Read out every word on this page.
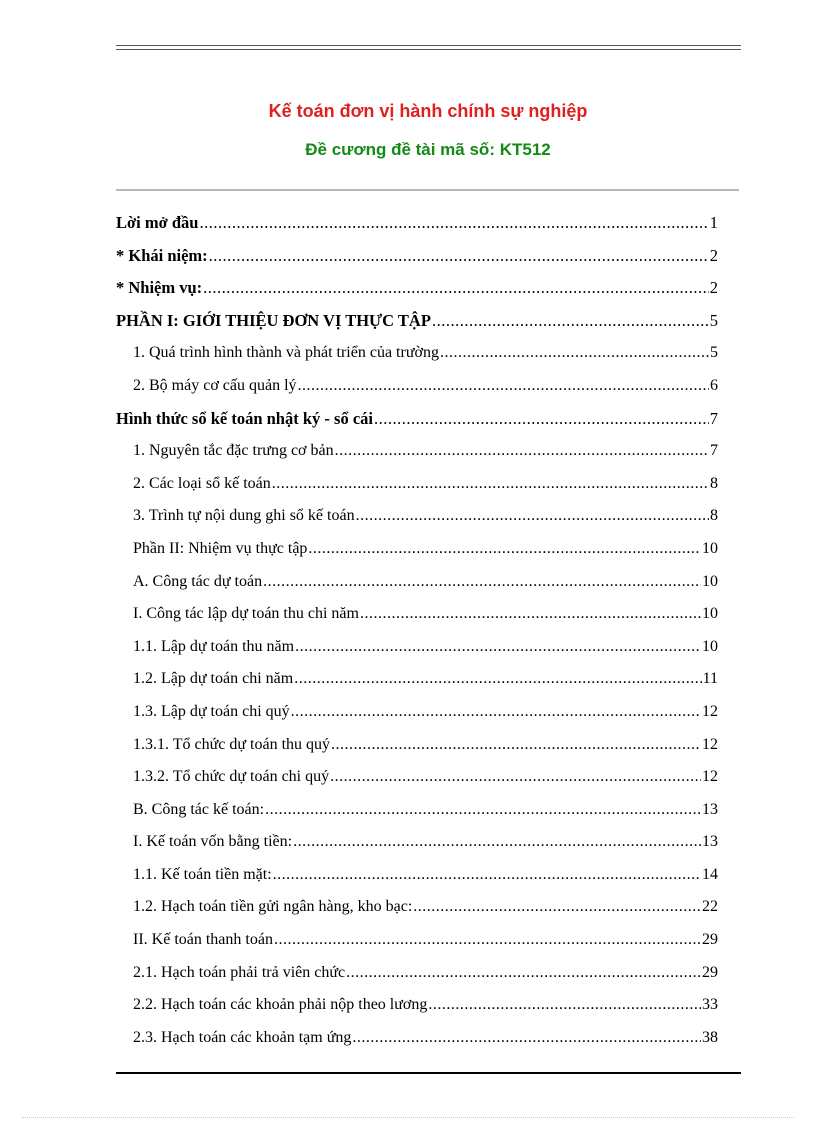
Kế toán đơn vị hành chính sự nghiệp
Đề cương đề tài mã số: KT512
Lời mở đầu .....	1
* Khái niệm: .....	2
* Nhiệm vụ: .....	2
PHẦN I: GIỚI THIỆU ĐƠN VỊ THỰC TẬP .....	5
1. Quá trình hình thành và phát triển của trường .....	5
2. Bộ máy cơ cấu quản lý .....	6
Hình thức sổ kế toán nhật ký - sổ cái .....	7
1. Nguyên tắc đặc trưng cơ bản .....	7
2. Các loại sổ kế toán .....	8
3. Trình tự nội dung ghi sổ kế toán .....	8
Phần II: Nhiệm vụ thực tập .....	10
A. Công tác dự toán .....	10
I. Công tác lập dự toán thu chi năm .....	10
1.1. Lập dự toán thu năm .....	10
1.2. Lập dự toán chi năm .....	11
1.3. Lập dự toán chi quý .....	12
1.3.1. Tổ chức dự toán thu quý .....	12
1.3.2. Tổ chức dự toán chi quý .....	12
B. Công tác kế toán: .....	13
I. Kế toán vốn bằng tiền: .....	13
1.1. Kế toán tiền mặt: .....	14
1.2. Hạch toán tiền gửi ngân hàng, kho bạc: .....	22
II. Kế toán thanh toán .....	29
2.1. Hạch toán phải trả viên chức .....	29
2.2. Hạch toán các khoản phải nộp theo lương .....	33
2.3. Hạch toán các khoản tạm ứng .....	38
